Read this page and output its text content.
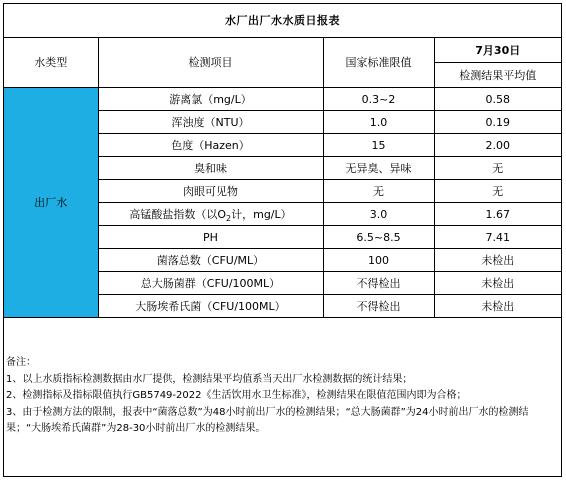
水厂出厂水水质日报表			
水类型	检测项目	国家标准限值	7月30日
			检测结果平均值
出厂水	游离氯（mg/L）	0.3~2	0.58
	浑浊度（NTU）	1.0	0.19
	色度（Hazen）	15	2.00
	臭和味	无异臭、异味	无
	肉眼可见物	无	无
	高锰酸盐指数（以$O_2$计，mg/L）	3.0	1.67
	PH	6.5~8.5	7.41
	菌落总数（CFU/ML）	100	未检出
	总大肠菌群（CFU/100ML）	不得检出	未检出
	大肠埃希氏菌（CFU/100ML）	不得检出	未检出
备注：
1、以上水质指标检测数据由水厂提供，检测结果平均值系当天出厂水检测数据的统计结果；
2、检测指标及指标限值执行GB5749-2022《生活饮用水卫生标准》，检测结果在限值范围内即为合格；
3、由于检测方法的限制，报表中“菌落总数”为48小时前出厂水的检测结果；“总大肠菌群”为24小时前出厂水的检测结果；“大肠埃希氏菌群”为28-30小时前出厂水的检测结果。
